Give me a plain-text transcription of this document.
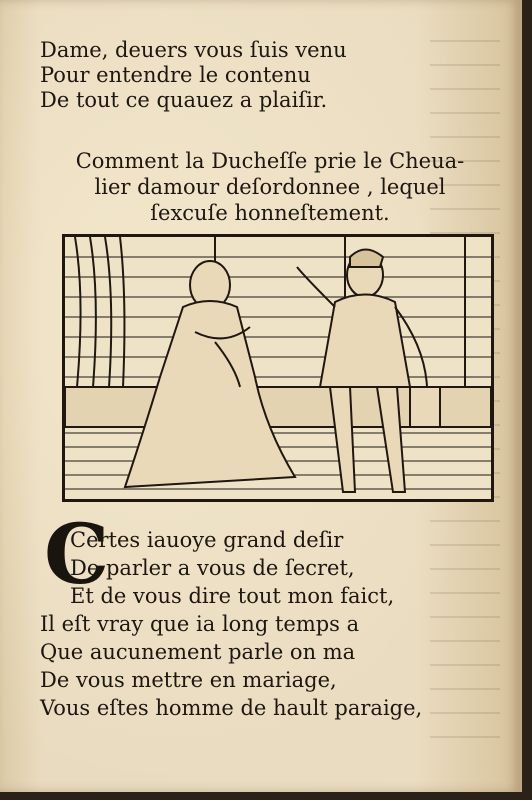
Dame, deuers vous ſuis venu
Pour entendre le contenu
De tout ce quauez a plaiſir.
Comment la Ducheſſe prie le Cheua-
lier damour deſordonnee , lequel
ſexcuſe honneſtement.
C
Certes iauoye grand deſir
De parler a vous de ſecret,
Et de vous dire tout mon faict,
Il eſt vray que ia long temps a
Que aucunement parle on ma
De vous mettre en mariage,
Vous eſtes homme de hault paraige,
